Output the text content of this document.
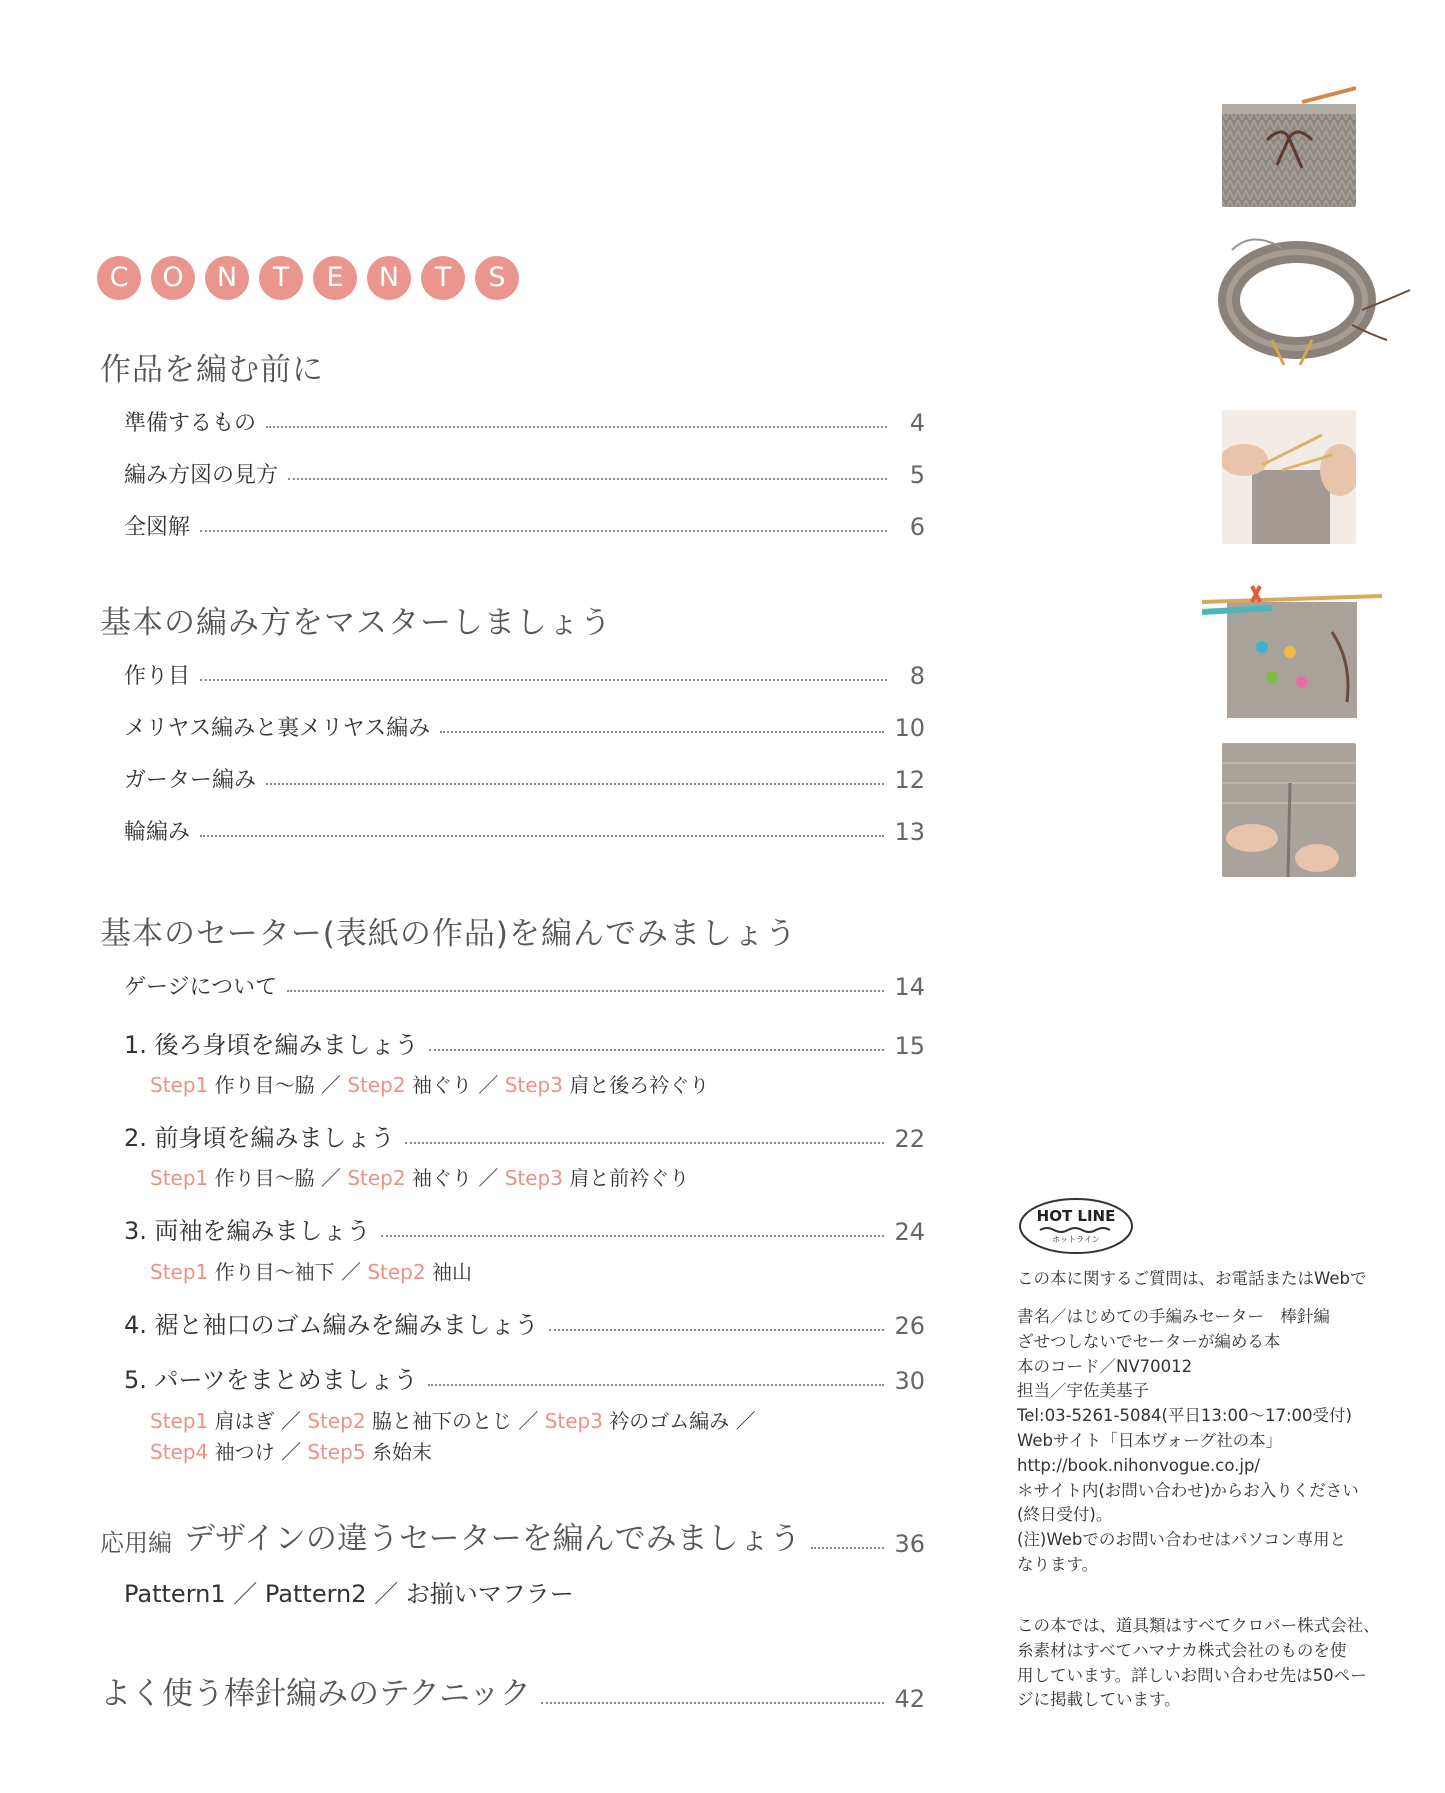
C	O	N	T	E	N	T	S
作品を編む前に
準備するもの	4
編み方図の見方	5
全図解	6
基本の編み方をマスターしましょう
作り目	8
メリヤス編みと裏メリヤス編み	10
ガーター編み	12
輪編み	13
基本のセーター(表紙の作品)を編んでみましょう
ゲージについて	14
1. 後ろ身頃を編みましょう	15
Step1 作り目〜脇 ／ Step2 袖ぐり ／ Step3 肩と後ろ衿ぐり
2. 前身頃を編みましょう	22
Step1 作り目〜脇 ／ Step2 袖ぐり ／ Step3 肩と前衿ぐり
3. 両袖を編みましょう	24
Step1 作り目〜袖下 ／ Step2 袖山
4. 裾と袖口のゴム編みを編みましょう	26
5. パーツをまとめましょう	30
Step1 肩はぎ ／ Step2 脇と袖下のとじ ／ Step3 衿のゴム編み ／
Step4 袖つけ ／ Step5 糸始末
応用編 デザインの違うセーターを編んでみましょう	36
Pattern1 ／ Pattern2 ／ お揃いマフラー
よく使う棒針編みのテクニック	42
HOT LINE
ホットライン
この本に関するご質問は、お電話またはWebで
書名／はじめての手編みセーター　棒針編
ざせつしないでセーターが編める本
本のコード／NV70012
担当／宇佐美基子
Tel:03-5261-5084(平日13:00〜17:00受付)
Webサイト「日本ヴォーグ社の本」
http://book.nihonvogue.co.jp/
＊サイト内(お問い合わせ)からお入りください
(終日受付)。
(注)Webでのお問い合わせはパソコン専用と
なります。
この本では、道具類はすべてクロバー株式会社、
糸素材はすべてハマナカ株式会社のものを使
用しています。詳しいお問い合わせ先は50ペー
ジに掲載しています。
